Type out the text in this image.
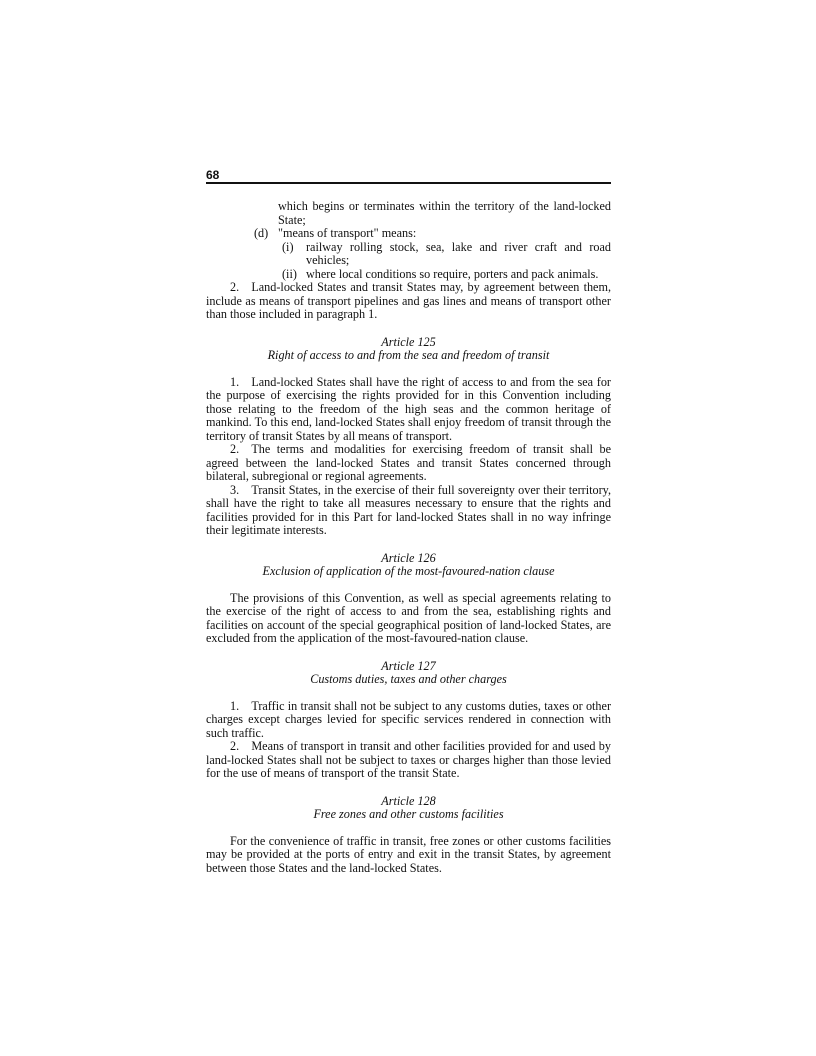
68

which begins or terminates within the territory of the land-locked State;

(d) "means of transport" means:
(i)	railway rolling stock, sea, lake and river craft and road vehicles;
(ii) where local conditions so require, porters and pack animals.

2. Land-locked States and transit States may, by agreement between them, include as means of transport pipelines and gas lines and means of transport other than those included in paragraph 1.

Article 125

Right of access to and from the sea and freedom of transit

1. Land-locked States shall have the right of access to and from the sea for the purpose of exercising the rights provided for in this Convention including those relating to the freedom of the high seas and the common heritage of mankind. To this end, land-locked States shall enjoy freedom of transit through the territory of transit States by all means of transport.

2. The terms and modalities for exercising freedom of transit shall be agreed between the land-locked States and transit States concerned through bilateral, subregional or regional agreements.

3. Transit States, in the exercise of their full sovereignty over their territory, shall have the right to take all measures necessary to ensure that the rights and facilities provided for in this Part for land-locked States shall in no way infringe their legitimate interests.

Article 126

Exclusion of application of the most-favoured-nation clause

The provisions of this Convention, as well as special agreements relating to the exercise of the right of access to and from the sea, establishing rights and facilities on account of the special geographical position of land-locked States, are excluded from the application of the most-favoured-nation clause.

Article 127

Customs duties, taxes and other charges

1. Traffic in transit shall not be subject to any customs duties, taxes or other charges except charges levied for specific services rendered in connection with such traffic.

2. Means of transport in transit and other facilities provided for and used by land-locked States shall not be subject to taxes or charges higher than those levied for the use of means of transport of the transit State.

Article 128

Free zones and other customs facilities

For the convenience of traffic in transit, free zones or other customs facilities may be provided at the ports of entry and exit in the transit States, by agreement between those States and the land-locked States.
